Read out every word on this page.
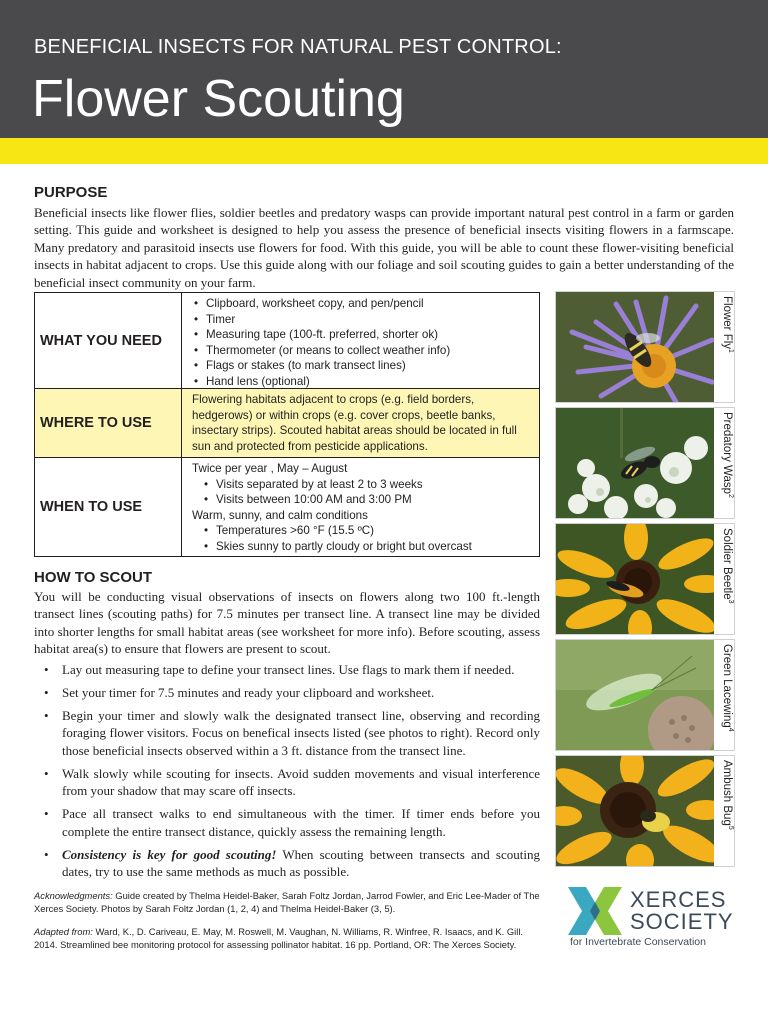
BENEFICIAL INSECTS FOR NATURAL PEST CONTROL:
Flower Scouting
PURPOSE

Beneficial insects like flower flies, soldier beetles and predatory wasps can provide important natural pest control in a farm or garden setting. This guide and worksheet is designed to help you assess the presence of beneficial insects visiting flowers in a farmscape. Many predatory and parasitoid insects use flowers for food. With this guide, you will be able to count these flower-visiting beneficial insects in habitat adjacent to crops. Use this guide along with our foliage and soil scouting guides to gain a better understanding of the beneficial insect community on your farm.

WHAT YOU NEED
• Clipboard, worksheet copy, and pen/pencil
• Timer
• Measuring tape (100-ft. preferred, shorter ok)
• Thermometer (or means to collect weather info)
• Flags or stakes (to mark transect lines)
• Hand lens (optional)
WHERE TO USE
Flowering habitats adjacent to crops (e.g. field borders, hedgerows) or within crops (e.g. cover crops, beetle banks, insectary strips). Scouted habitat areas should be located in full sun and protected from pesticide applications.
WHEN TO USE
Twice per year , May – August
• Visits separated by at least 2 to 3 weeks
• Visits between 10:00 AM and 3:00 PM
Warm, sunny, and calm conditions
• Temperatures >60 °F (15.5 ºC)
• Skies sunny to partly cloudy or bright but overcast
HOW TO SCOUT

You will be conducting visual observations of insects on flowers along two 100 ft.-length transect lines (scouting paths) for 7.5 minutes per transect line. A transect line may be divided into shorter lengths for small habitat areas (see worksheet for more info). Before scouting, assess habitat area(s) to ensure that flowers are present to scout.

• Lay out measuring tape to define your transect lines. Use flags to mark them if needed.
• Set your timer for 7.5 minutes and ready your clipboard and worksheet.
• Begin your timer and slowly walk the designated transect line, observing and recording foraging flower visitors. Focus on benefical insects listed (see photos to right). Record only those beneficial insects observed within a 3 ft. distance from the transect line.
• Walk slowly while scouting for insects. Avoid sudden movements and visual interference from your shadow that may scare off insects.
• Pace all transect walks to end simultaneous with the timer. If timer ends before you complete the entire transect distance, quickly assess the remaining length.
• Consistency is key for good scouting! When scouting between transects and scouting dates, try to use the same methods as much as possible.
Acknowledgments: Guide created by Thelma Heidel-Baker, Sarah Foltz Jordan, Jarrod Fowler, and Eric Lee-Mader of The Xerces Society. Photos by Sarah Foltz Jordan (1, 2, 4) and Thelma Heidel-Baker (3, 5).
Adapted from: Ward, K., D. Cariveau, E. May, M. Roswell, M. Vaughan, N. Williams, R. Winfree, R. Isaacs, and K. Gill. 2014. Streamlined bee monitoring protocol for assessing pollinator habitat. 16 pp. Portland, OR: The Xerces Society.
Flower Fly$^1$
Predatory Wasp$^2$
Soldier Beetle$^3$
Green Lacewing$^4$
Ambush Bug$^5$
XERCES
SOCIETY
for Invertebrate Conservation
